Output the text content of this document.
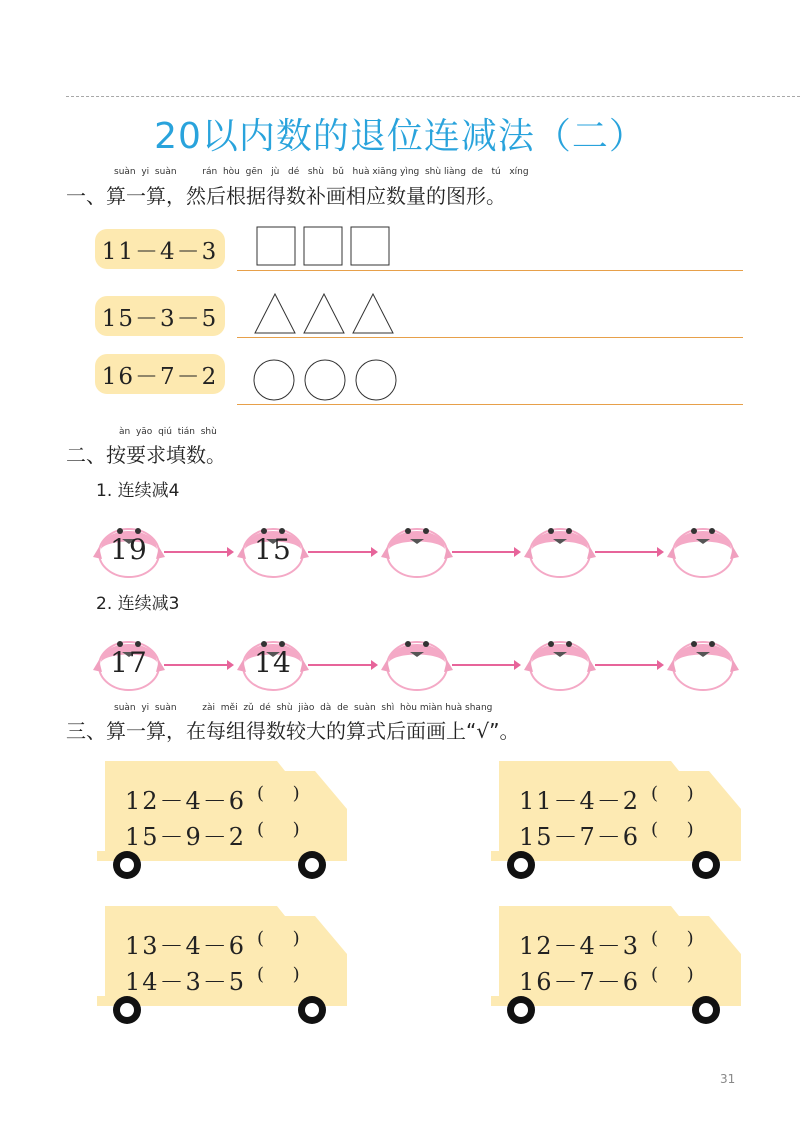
20以内数的退位连减法（二）
suàn yi suàn	rán hòu gēn jù dé shù bǔ huà xiāng yìng shù liàng de tú xíng
一、算一算，然后根据得数补画相应数量的图形。
11－4－3
15－3－5
16－7－2
àn yāo qiú tián shù
二、按要求填数。
1. 连续减4
2. 连续减3
19	15
17	14
suàn yi suàn	zài měi zǔ dé shù jiào dà de suàn shì hòu miàn huà shang
三、算一算，在每组得数较大的算式后面画上“√”。
12－4－6 (     )
15－9－2 (     )
11－4－2 (     )
15－7－6 (     )
13－4－6 (     )
14－3－5 (     )
12－4－3 (     )
16－7－6 (     )
31
